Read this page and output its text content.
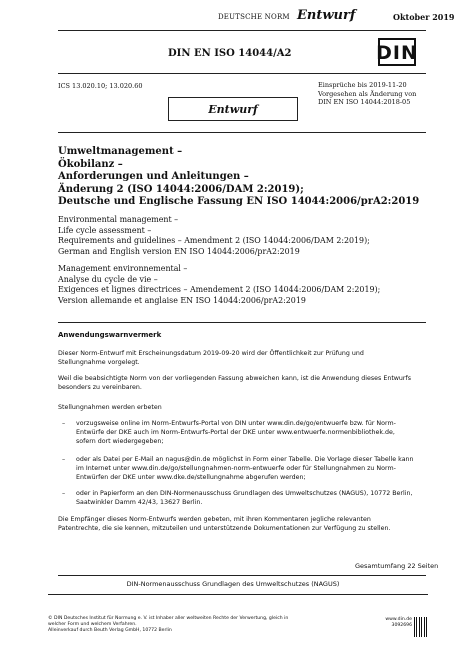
DEUTSCHE NORM Entwurf	Oktober 2019
DIN EN ISO 14044/A2	DIN
ICS 13.020.10; 13.020.60	Einsprüche bis 2019-11-20
Vorgesehen als Änderung von
DIN EN ISO 14044:2018-05
Entwurf
Umweltmanagement –
Ökobilanz –
Anforderungen und Anleitungen –
Änderung 2 (ISO 14044:2006/DAM 2:2019);
Deutsche und Englische Fassung EN ISO 14044:2006/prA2:2019
Environmental management –
Life cycle assessment –
Requirements and guidelines – Amendment 2 (ISO 14044:2006/DAM 2:2019);
German and English version EN ISO 14044:2006/prA2:2019
Management environnemental –
Analyse du cycle de vie –
Exigences et lignes directrices – Amendement 2 (ISO 14044:2006/DAM 2:2019);
Version allemande et anglaise EN ISO 14044:2006/prA2:2019
Anwendungswarnvermerk
Dieser Norm-Entwurf mit Erscheinungsdatum 2019-09-20 wird der Öffentlichkeit zur Prüfung und
Stellungnahme vorgelegt.
Weil die beabsichtigte Norm von der vorliegenden Fassung abweichen kann, ist die Anwendung dieses Entwurfs
besonders zu vereinbaren.
Stellungnahmen werden erbeten
–	vorzugsweise online im Norm-Entwurfs-Portal von DIN unter www.din.de/go/entwuerfe bzw. für Norm-
Entwürfe der DKE auch im Norm-Entwurfs-Portal der DKE unter www.entwuerfe.normenbibliothek.de,
sofern dort wiedergegeben;
–	oder als Datei per E-Mail an nagus@din.de möglichst in Form einer Tabelle. Die Vorlage dieser Tabelle kann
im Internet unter www.din.de/go/stellungnahmen-norm-entwuerfe oder für Stellungnahmen zu Norm-
Entwürfen der DKE unter www.dke.de/stellungnahme abgerufen werden;
–	oder in Papierform an den DIN-Normenausschuss Grundlagen des Umweltschutzes (NAGUS), 10772 Berlin,
Saatwinkler Damm 42/43, 13627 Berlin.
Die Empfänger dieses Norm-Entwurfs werden gebeten, mit ihren Kommentaren jegliche relevanten
Patentrechte, die sie kennen, mitzuteilen und unterstützende Dokumentationen zur Verfügung zu stellen.
Gesamtumfang 22 Seiten
DIN-Normenausschuss Grundlagen des Umweltschutzes (NAGUS)
© DIN Deutsches Institut für Normung e. V. ist Inhaber aller weltweiten Rechte der Verwertung, gleich in
welcher Form und welchem Verfahren.
Alleinverkauf durch Beuth Verlag GmbH, 10772 Berlin
www.din.de
3092696
